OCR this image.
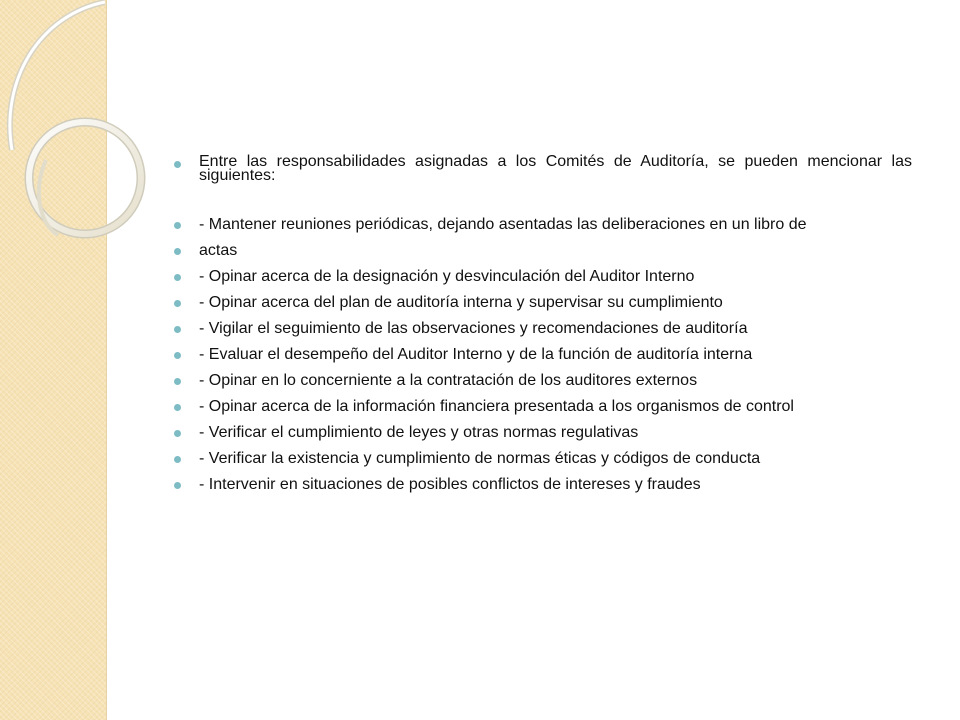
Entre las responsabilidades asignadas a los Comités de Auditoría, se pueden mencionar las siguientes:
- Mantener reuniones periódicas, dejando asentadas las deliberaciones en un libro de
actas
- Opinar acerca de la designación y desvinculación del Auditor Interno
- Opinar acerca del plan de auditoría interna y supervisar su cumplimiento
- Vigilar el seguimiento de las observaciones y recomendaciones de auditoría
- Evaluar el desempeño del Auditor Interno y de la función de auditoría interna
- Opinar en lo concerniente a la contratación de los auditores externos
- Opinar acerca de la información financiera presentada a los organismos de control
- Verificar el cumplimiento de leyes y otras normas regulativas
- Verificar la existencia y cumplimiento de normas éticas y códigos de conducta
- Intervenir en situaciones de posibles conflictos de intereses y fraudes
